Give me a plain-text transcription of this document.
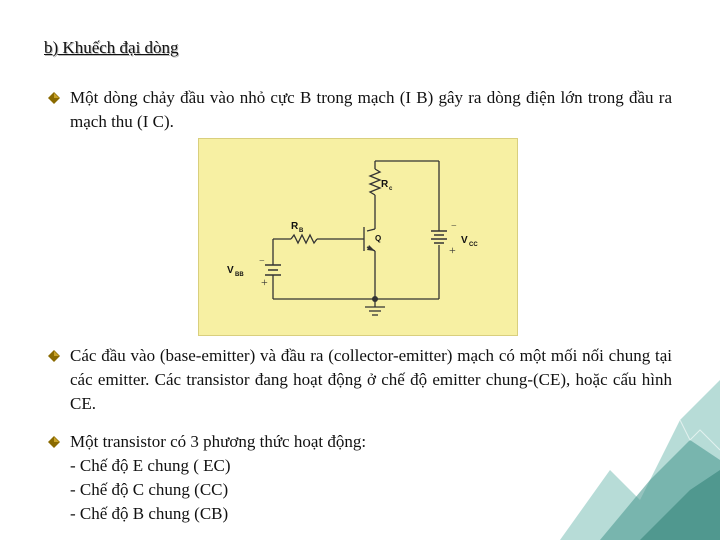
b) Khuếch đại dòng
Một dòng chảy đầu vào nhỏ cực B trong mạch (I B) gây ra dòng điện lớn trong đầu ra mạch thu (I C).
R c
R B
Q
V BB
V CC
−
+
−
+
Các đầu vào (base-emitter) và đầu ra (collector-emitter) mạch có một mối nối chung tại các emitter. Các transistor đang hoạt động ở chế độ emitter chung-(CE), hoặc cấu hình CE.
Một transistor có 3 phương thức hoạt động:
- Chế độ E chung ( EC)
- Chế độ C chung (CC)
- Chế độ B chung (CB)
